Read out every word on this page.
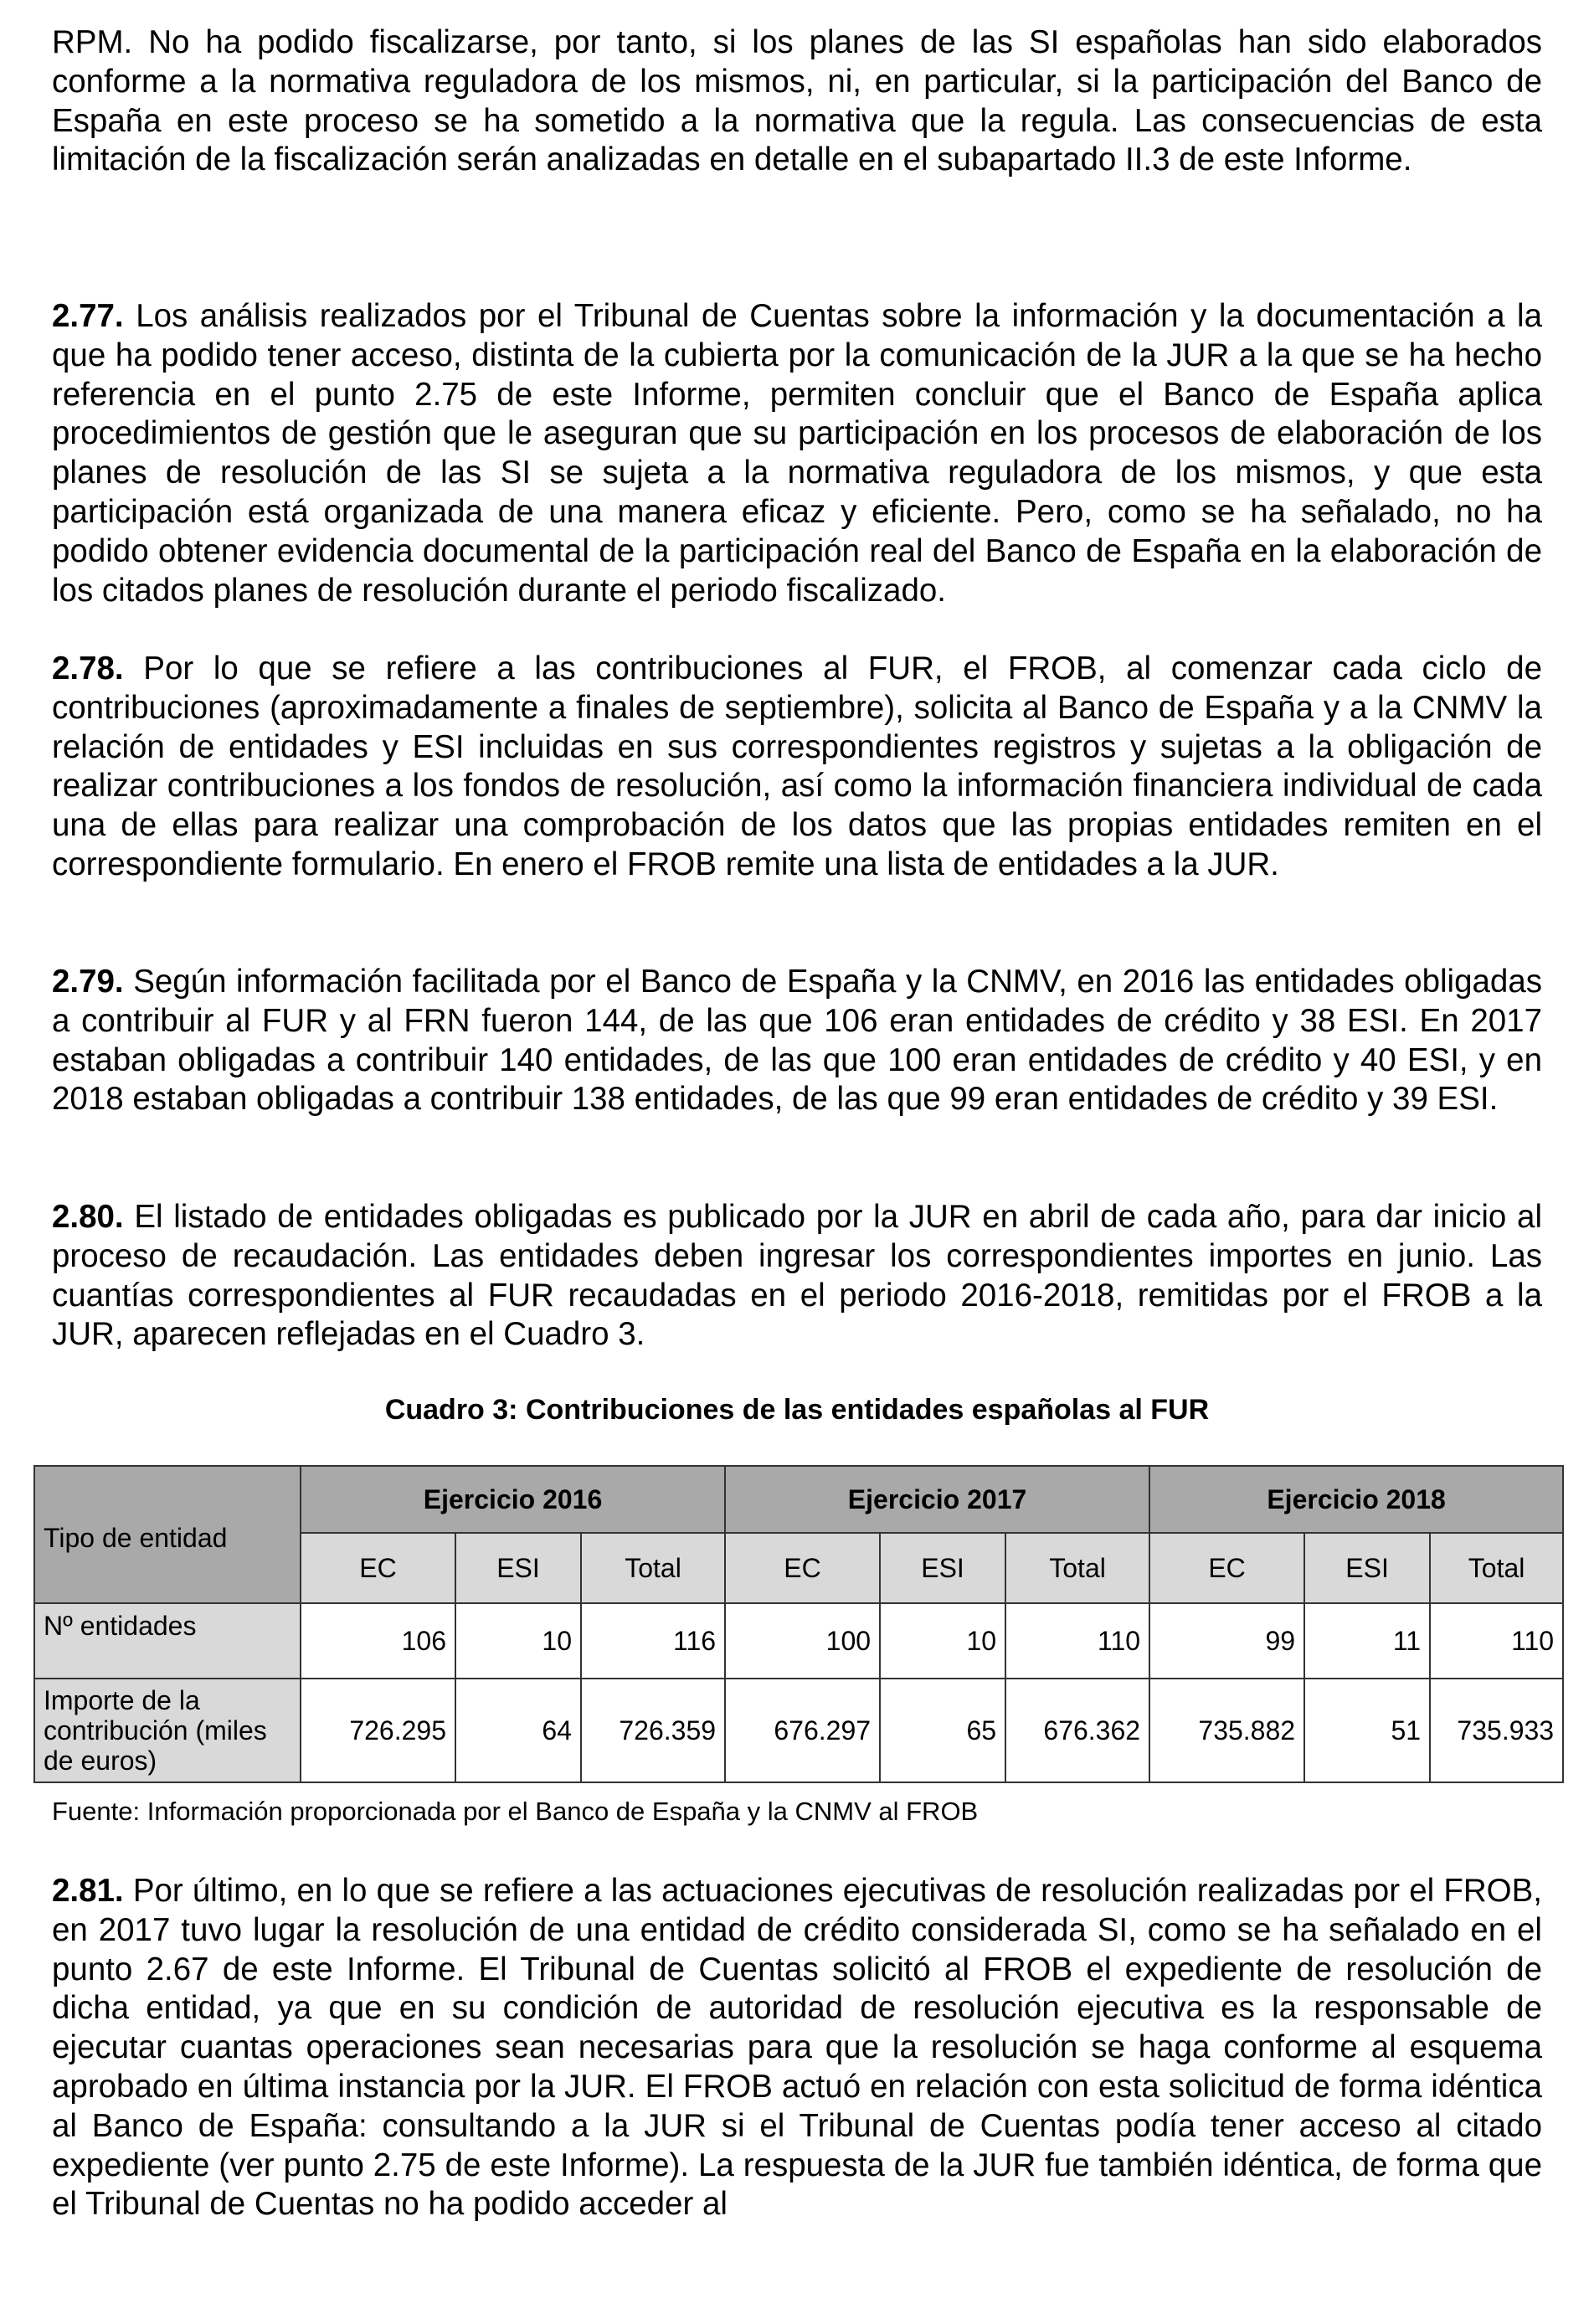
RPM. No ha podido fiscalizarse, por tanto, si los planes de las SI españolas han sido elaborados conforme a la normativa reguladora de los mismos, ni, en particular, si la participación del Banco de España en este proceso se ha sometido a la normativa que la regula. Las consecuencias de esta limitación de la fiscalización serán analizadas en detalle en el subapartado II.3 de este Informe.

2.77. Los análisis realizados por el Tribunal de Cuentas sobre la información y la documentación a la que ha podido tener acceso, distinta de la cubierta por la comunicación de la JUR a la que se ha hecho referencia en el punto 2.75 de este Informe, permiten concluir que el Banco de España aplica procedimientos de gestión que le aseguran que su participación en los procesos de elaboración de los planes de resolución de las SI se sujeta a la normativa reguladora de los mismos, y que esta participación está organizada de una manera eficaz y eficiente. Pero, como se ha señalado, no ha podido obtener evidencia documental de la participación real del Banco de España en la elaboración de los citados planes de resolución durante el periodo fiscalizado.

2.78. Por lo que se refiere a las contribuciones al FUR, el FROB, al comenzar cada ciclo de contribuciones (aproximadamente a finales de septiembre), solicita al Banco de España y a la CNMV la relación de entidades y ESI incluidas en sus correspondientes registros y sujetas a la obligación de realizar contribuciones a los fondos de resolución, así como la información financiera individual de cada una de ellas para realizar una comprobación de los datos que las propias entidades remiten en el correspondiente formulario. En enero el FROB remite una lista de entidades a la JUR.

2.79. Según información facilitada por el Banco de España y la CNMV, en 2016 las entidades obligadas a contribuir al FUR y al FRN fueron 144, de las que 106 eran entidades de crédito y 38 ESI. En 2017 estaban obligadas a contribuir 140 entidades, de las que 100 eran entidades de crédito y 40 ESI, y en 2018 estaban obligadas a contribuir 138 entidades, de las que 99 eran entidades de crédito y 39 ESI.

2.80. El listado de entidades obligadas es publicado por la JUR en abril de cada año, para dar inicio al proceso de recaudación. Las entidades deben ingresar los correspondientes importes en junio. Las cuantías correspondientes al FUR recaudadas en el periodo 2016-2018, remitidas por el FROB a la JUR, aparecen reflejadas en el Cuadro 3.

Cuadro 3: Contribuciones de las entidades españolas al FUR
Tipo de entidad	Ejercicio 2016			Ejercicio 2017			Ejercicio 2018		
	EC	ESI	Total	EC	ESI	Total	EC	ESI	Total
Nº entidades	106	10	116	100	10	110	99	11	110
Importe de la contribución (miles de euros)	726.295	64	726.359	676.297	65	676.362	735.882	51	735.933
Fuente: Información proporcionada por el Banco de España y la CNMV al FROB

2.81. Por último, en lo que se refiere a las actuaciones ejecutivas de resolución realizadas por el FROB, en 2017 tuvo lugar la resolución de una entidad de crédito considerada SI, como se ha señalado en el punto 2.67 de este Informe. El Tribunal de Cuentas solicitó al FROB el expediente de resolución de dicha entidad, ya que en su condición de autoridad de resolución ejecutiva es la responsable de ejecutar cuantas operaciones sean necesarias para que la resolución se haga conforme al esquema aprobado en última instancia por la JUR. El FROB actuó en relación con esta solicitud de forma idéntica al Banco de España: consultando a la JUR si el Tribunal de Cuentas podía tener acceso al citado expediente (ver punto 2.75 de este Informe). La respuesta de la JUR fue también idéntica, de forma que el Tribunal de Cuentas no ha podido acceder al
